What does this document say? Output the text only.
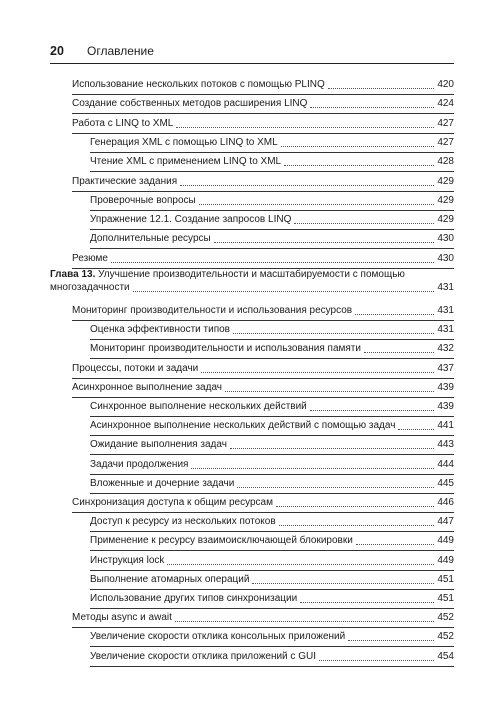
20 Оглавление
Использование нескольких потоков с помощью PLINQ	420
Создание собственных методов расширения LINQ	424
Работа с LINQ to XML	427
Генерация XML с помощью LINQ to XML	427
Чтение XML с применением LINQ to XML	428
Практические задания	429
Проверочные вопросы	429
Упражнение 12.1. Создание запросов LINQ	429
Дополнительные ресурсы	430
Резюме	430
Глава 13. Улучшение производительности и масштабируемости с помощью
многозадачности	431
Мониторинг производительности и использования ресурсов	431
Оценка эффективности типов	431
Мониторинг производительности и использования памяти	432
Процессы, потоки и задачи	437
Асинхронное выполнение задач	439
Синхронное выполнение нескольких действий	439
Асинхронное выполнение нескольких действий с помощью задач	441
Ожидание выполнения задач	443
Задачи продолжения	444
Вложенные и дочерние задачи	445
Синхронизация доступа к общим ресурсам	446
Доступ к ресурсу из нескольких потоков	447
Применение к ресурсу взаимоисключающей блокировки	449
Инструкция lock	449
Выполнение атомарных операций	451
Использование других типов синхронизации	451
Методы async и await	452
Увеличение скорости отклика консольных приложений	452
Увеличение скорости отклика приложений с GUI	454
